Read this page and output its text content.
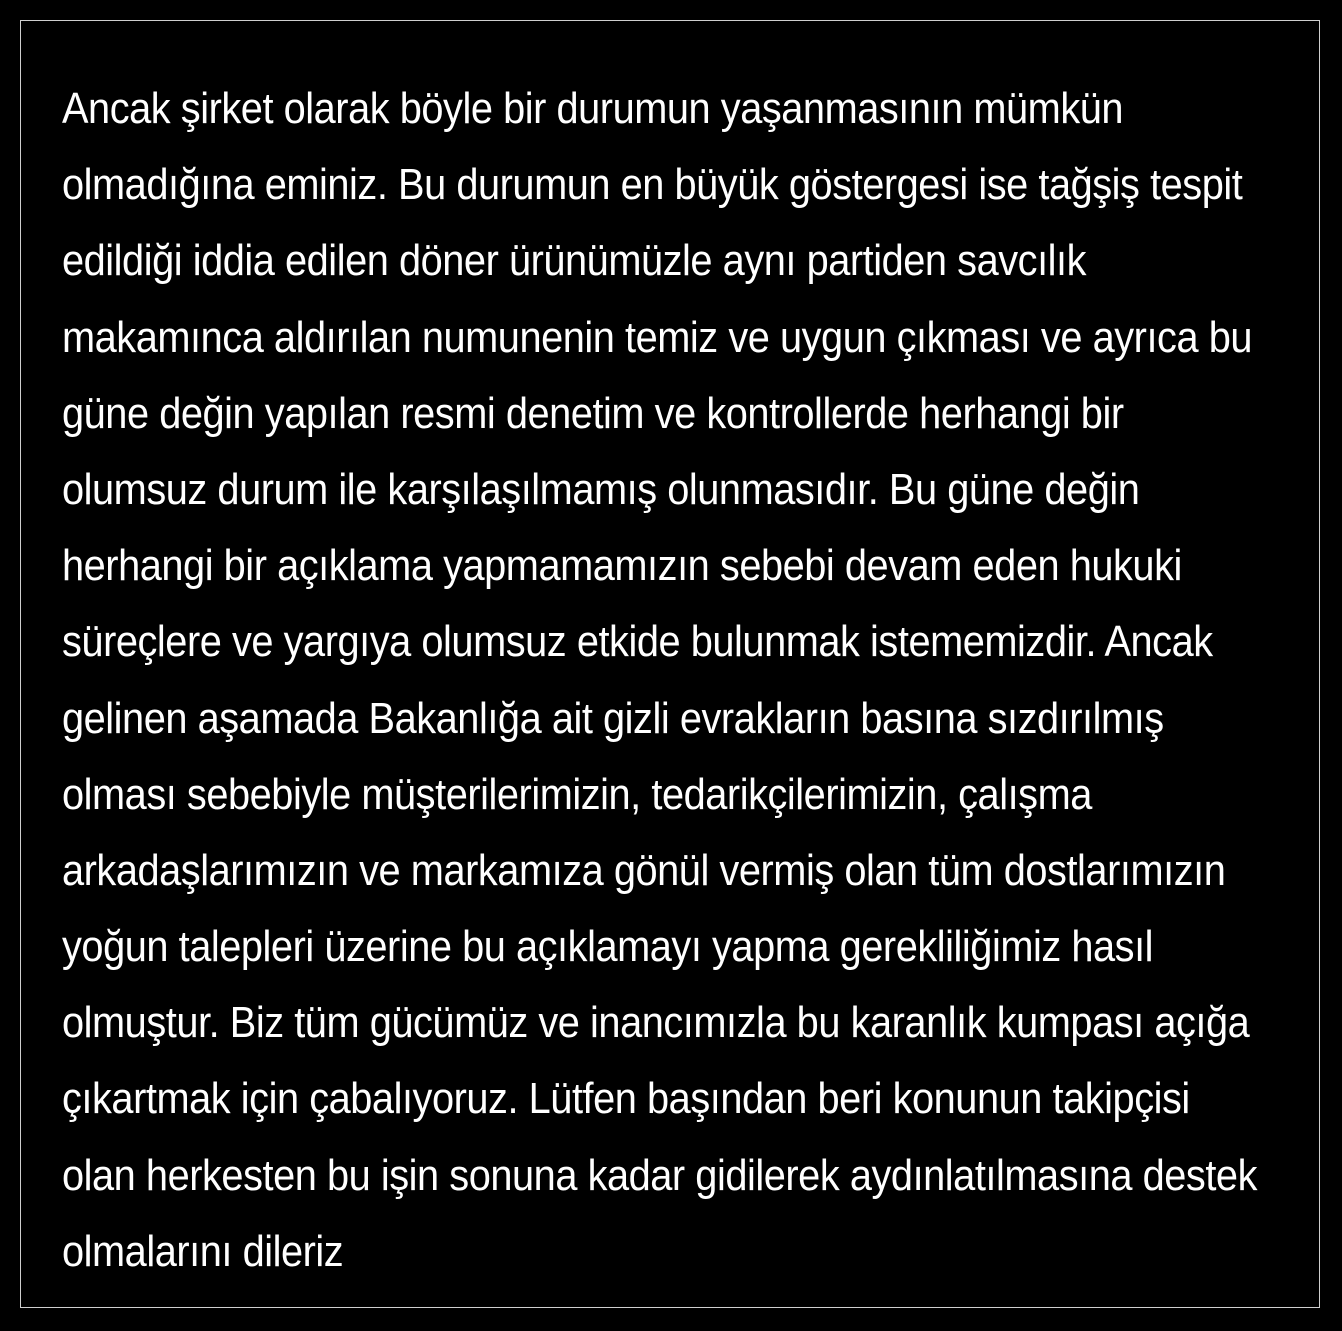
Ancak şirket olarak böyle bir durumun yaşanmasının mümkün
olmadığına eminiz. Bu durumun en büyük göstergesi ise tağşiş tespit
edildiği iddia edilen döner ürünümüzle aynı partiden savcılık
makamınca aldırılan numunenin temiz ve uygun çıkması ve ayrıca bu
güne değin yapılan resmi denetim ve kontrollerde herhangi bir
olumsuz durum ile karşılaşılmamış olunmasıdır. Bu güne değin
herhangi bir açıklama yapmamamızın sebebi devam eden hukuki
süreçlere ve yargıya olumsuz etkide bulunmak istememizdir. Ancak
gelinen aşamada Bakanlığa ait gizli evrakların basına sızdırılmış
olması sebebiyle müşterilerimizin, tedarikçilerimizin, çalışma
arkadaşlarımızın ve markamıza gönül vermiş olan tüm dostlarımızın
yoğun talepleri üzerine bu açıklamayı yapma gerekliliğimiz hasıl
olmuştur. Biz tüm gücümüz ve inancımızla bu karanlık kumpası açığa
çıkartmak için çabalıyoruz. Lütfen başından beri konunun takipçisi
olan herkesten bu işin sonuna kadar gidilerek aydınlatılmasına destek
olmalarını dileriz
